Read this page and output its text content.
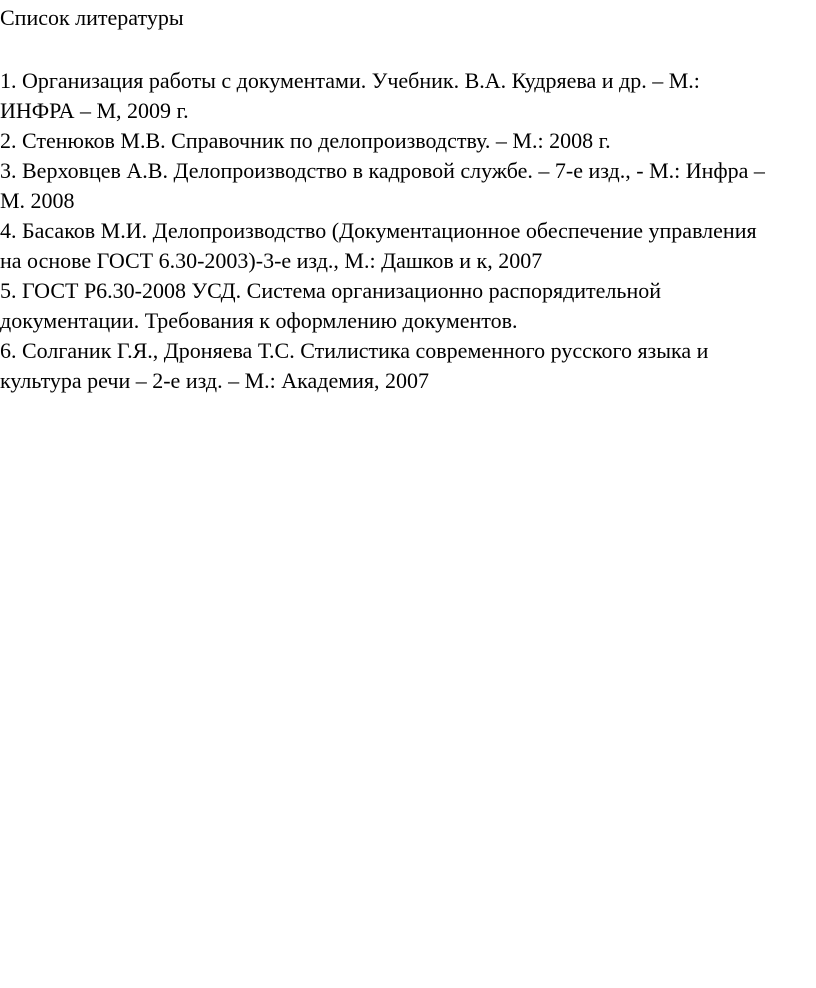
Список литературы
1. Организация работы с документами. Учебник. В.А. Кудряева и др. – М.:
ИНФРА – М, 2009 г.
2. Стенюков М.В. Справочник по делопроизводству. – М.: 2008 г.
3. Верховцев А.В. Делопроизводство в кадровой службе. – 7-е изд., - М.: Инфра –
М. 2008
4. Басаков М.И. Делопроизводство (Документационное обеспечение управления
на основе ГОСТ 6.30-2003)-3-е изд., М.: Дашков и к, 2007
5. ГОСТ Р6.30-2008 УСД. Система организационно распорядительной
документации. Требования к оформлению документов.
6. Солганик Г.Я., Дроняева Т.С. Стилистика современного русского языка и
культура речи – 2-е изд. – М.: Академия, 2007
